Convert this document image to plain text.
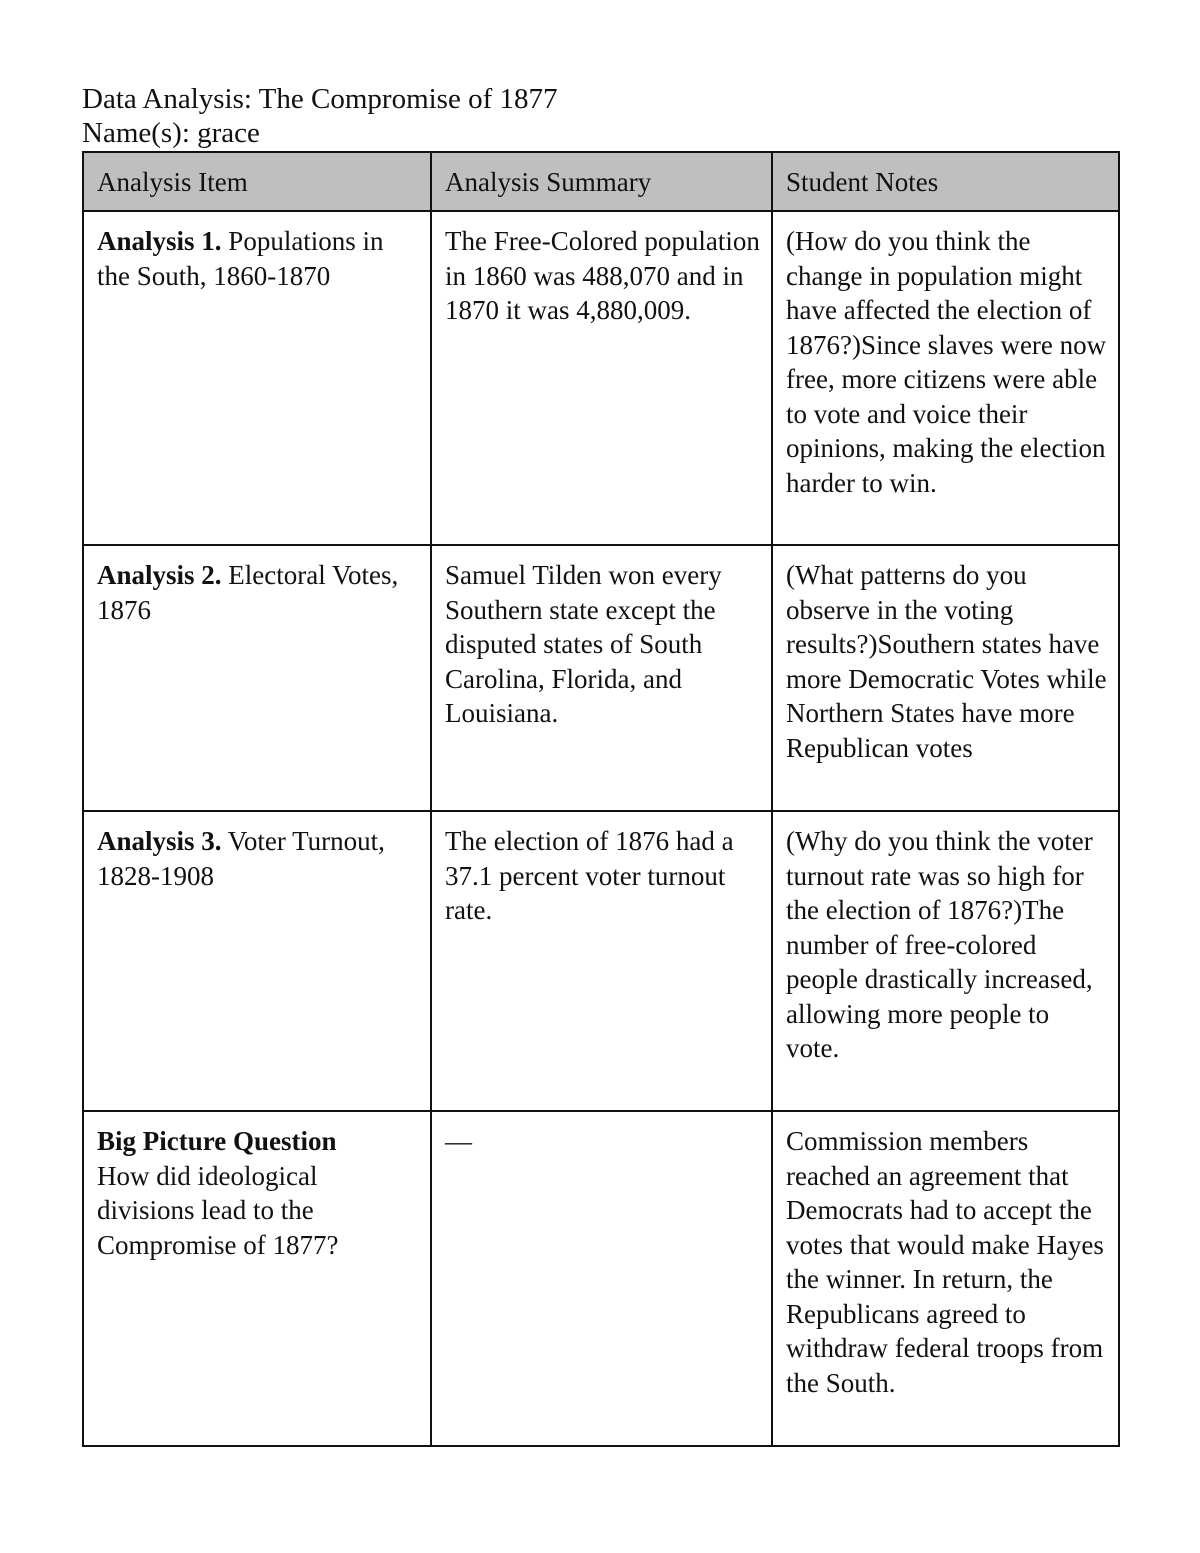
Data Analysis: The Compromise of 1877
Name(s): grace
Analysis Item	Analysis Summary	Student Notes
Analysis 1. Populations in the South, 1860-1870	The Free-Colored population in 1860 was 488,070 and in 1870 it was 4,880,009.	(How do you think the change in population might have affected the election of 1876?)Since slaves were now free, more citizens were able to vote and voice their opinions, making the election harder to win.
Analysis 2. Electoral Votes, 1876	Samuel Tilden won every Southern state except the disputed states of South Carolina, Florida, and Louisiana.	(What patterns do you observe in the voting results?)Southern states have more Democratic Votes while Northern States have more Republican votes
Analysis 3. Voter Turnout, 1828-1908	The election of 1876 had a 37.1 percent voter turnout rate.	(Why do you think the voter turnout rate was so high for the election of 1876?)The number of free-colored people drastically increased, allowing more people to vote.

Big Picture Question
How did ideological divisions lead to the Compromise of 1877?	—	Commission members reached an agreement that Democrats had to accept the votes that would make Hayes the winner. In return, the Republicans agreed to withdraw federal troops from the South.
